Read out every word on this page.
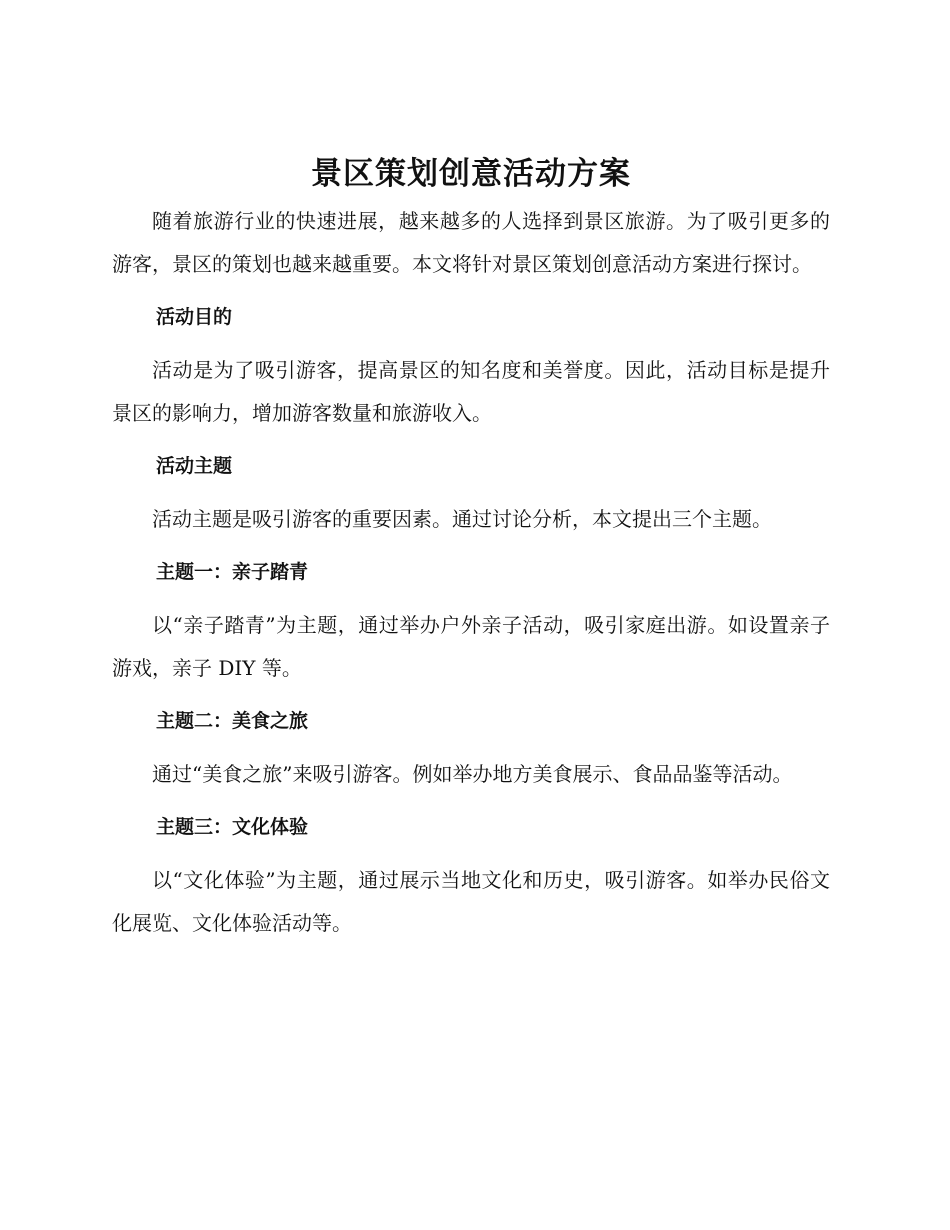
景区策划创意活动方案

随着旅游行业的快速进展，越来越多的人选择到景区旅游。为了吸引更多的游客，景区的策划也越来越重要。本文将针对景区策划创意活动方案进行探讨。

活动目的

活动是为了吸引游客，提高景区的知名度和美誉度。因此，活动目标是提升景区的影响力，增加游客数量和旅游收入。

活动主题

活动主题是吸引游客的重要因素。通过讨论分析，本文提出三个主题。

主题一：亲子踏青

以“亲子踏青”为主题，通过举办户外亲子活动，吸引家庭出游。如设置亲子游戏，亲子 DIY 等。

主题二：美食之旅

通过“美食之旅”来吸引游客。例如举办地方美食展示、食品品鉴等活动。

主题三：文化体验

以“文化体验”为主题，通过展示当地文化和历史，吸引游客。如举办民俗文化展览、文化体验活动等。
